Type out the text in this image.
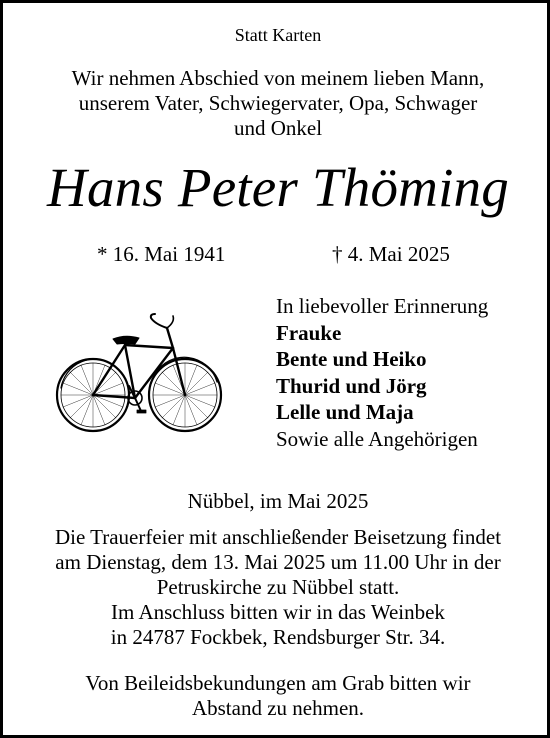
Statt Karten
Wir nehmen Abschied von meinem lieben Mann,
unserem Vater, Schwiegervater, Opa, Schwager
und Onkel
Hans Peter Thöming
* 16. Mai 1941	† 4. Mai 2025
In liebevoller Erinnerung
Frauke
Bente und Heiko
Thurid und Jörg
Lelle und Maja
Sowie alle Angehörigen
Nübbel, im Mai 2025
Die Trauerfeier mit anschließender Beisetzung findet
am Dienstag, dem 13. Mai 2025 um 11.00 Uhr in der
Petruskirche zu Nübbel statt.
Im Anschluss bitten wir in das Weinbek
in 24787 Fockbek, Rendsburger Str. 34.
Von Beileidsbekundungen am Grab bitten wir
Abstand zu nehmen.
